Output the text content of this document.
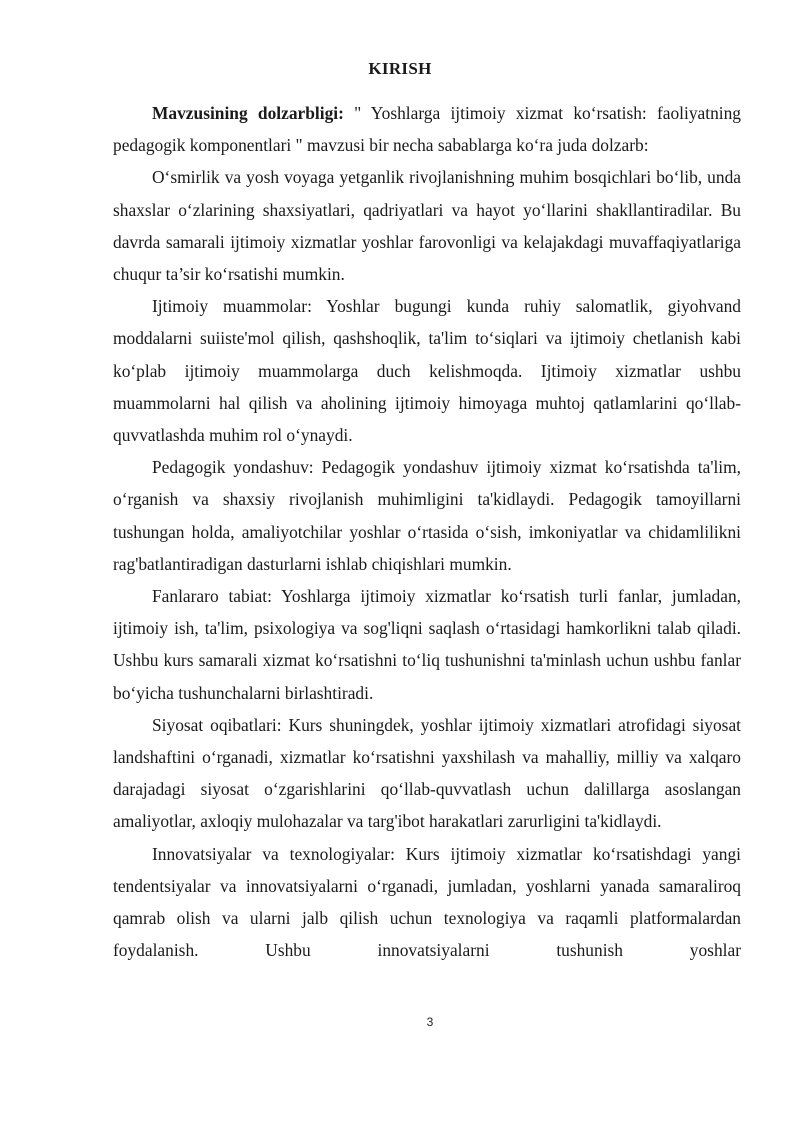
KIRISH

Mavzusining dolzarbligi: " Yoshlarga ijtimoiy xizmat ko‘rsatish: faoliyatning pedagogik komponentlari " mavzusi bir necha sabablarga ko‘ra juda dolzarb:

O‘smirlik va yosh voyaga yetganlik rivojlanishning muhim bosqichlari bo‘lib, unda shaxslar o‘zlarining shaxsiyatlari, qadriyatlari va hayot yo‘llarini shakllantiradilar. Bu davrda samarali ijtimoiy xizmatlar yoshlar farovonligi va kelajakdagi muvaffaqiyatlariga chuqur ta’sir ko‘rsatishi mumkin.

Ijtimoiy muammolar: Yoshlar bugungi kunda ruhiy salomatlik, giyohvand moddalarni suiiste'mol qilish, qashshoqlik, ta'lim to‘siqlari va ijtimoiy chetlanish kabi ko‘plab ijtimoiy muammolarga duch kelishmoqda. Ijtimoiy xizmatlar ushbu muammolarni hal qilish va aholining ijtimoiy himoyaga muhtoj qatlamlarini qo‘llab-quvvatlashda muhim rol o‘ynaydi.

Pedagogik yondashuv: Pedagogik yondashuv ijtimoiy xizmat ko‘rsatishda ta'lim, o‘rganish va shaxsiy rivojlanish muhimligini ta'kidlaydi. Pedagogik tamoyillarni tushungan holda, amaliyotchilar yoshlar o‘rtasida o‘sish, imkoniyatlar va chidamlilikni rag'batlantiradigan dasturlarni ishlab chiqishlari mumkin.

Fanlararo tabiat: Yoshlarga ijtimoiy xizmatlar ko‘rsatish turli fanlar, jumladan, ijtimoiy ish, ta'lim, psixologiya va sog'liqni saqlash o‘rtasidagi hamkorlikni talab qiladi. Ushbu kurs samarali xizmat ko‘rsatishni to‘liq tushunishni ta'minlash uchun ushbu fanlar bo‘yicha tushunchalarni birlashtiradi.

Siyosat oqibatlari: Kurs shuningdek, yoshlar ijtimoiy xizmatlari atrofidagi siyosat landshaftini o‘rganadi, xizmatlar ko‘rsatishni yaxshilash va mahalliy, milliy va xalqaro darajadagi siyosat o‘zgarishlarini qo‘llab-quvvatlash uchun dalillarga asoslangan amaliyotlar, axloqiy mulohazalar va targ'ibot harakatlari zarurligini ta'kidlaydi.

Innovatsiyalar va texnologiyalar: Kurs ijtimoiy xizmatlar ko‘rsatishdagi yangi tendentsiyalar va innovatsiyalarni o‘rganadi, jumladan, yoshlarni yanada samaraliroq qamrab olish va ularni jalb qilish uchun texnologiya va raqamli platformalardan foydalanish. Ushbu innovatsiyalarni tushunish yoshlar

3
